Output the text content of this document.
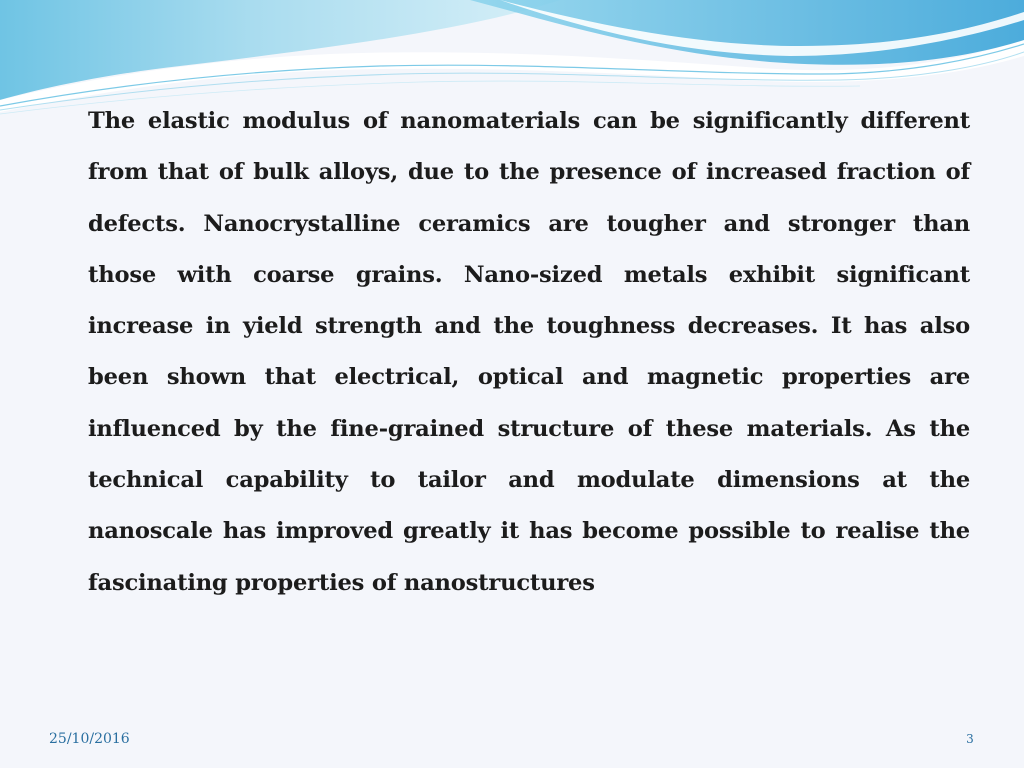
The elastic modulus of nanomaterials can be significantly different from that of bulk alloys, due to the presence of increased fraction of defects. Nanocrystalline ceramics are tougher and stronger than those with coarse grains. Nano-sized metals exhibit significant increase in yield strength and the toughness decreases. It has also been shown that electrical, optical and magnetic properties are influenced by the fine-grained structure of these materials. As the technical capability to tailor and modulate dimensions at the nanoscale has improved greatly it has become possible to realise the fascinating properties of nanostructures

25/10/2016	3
